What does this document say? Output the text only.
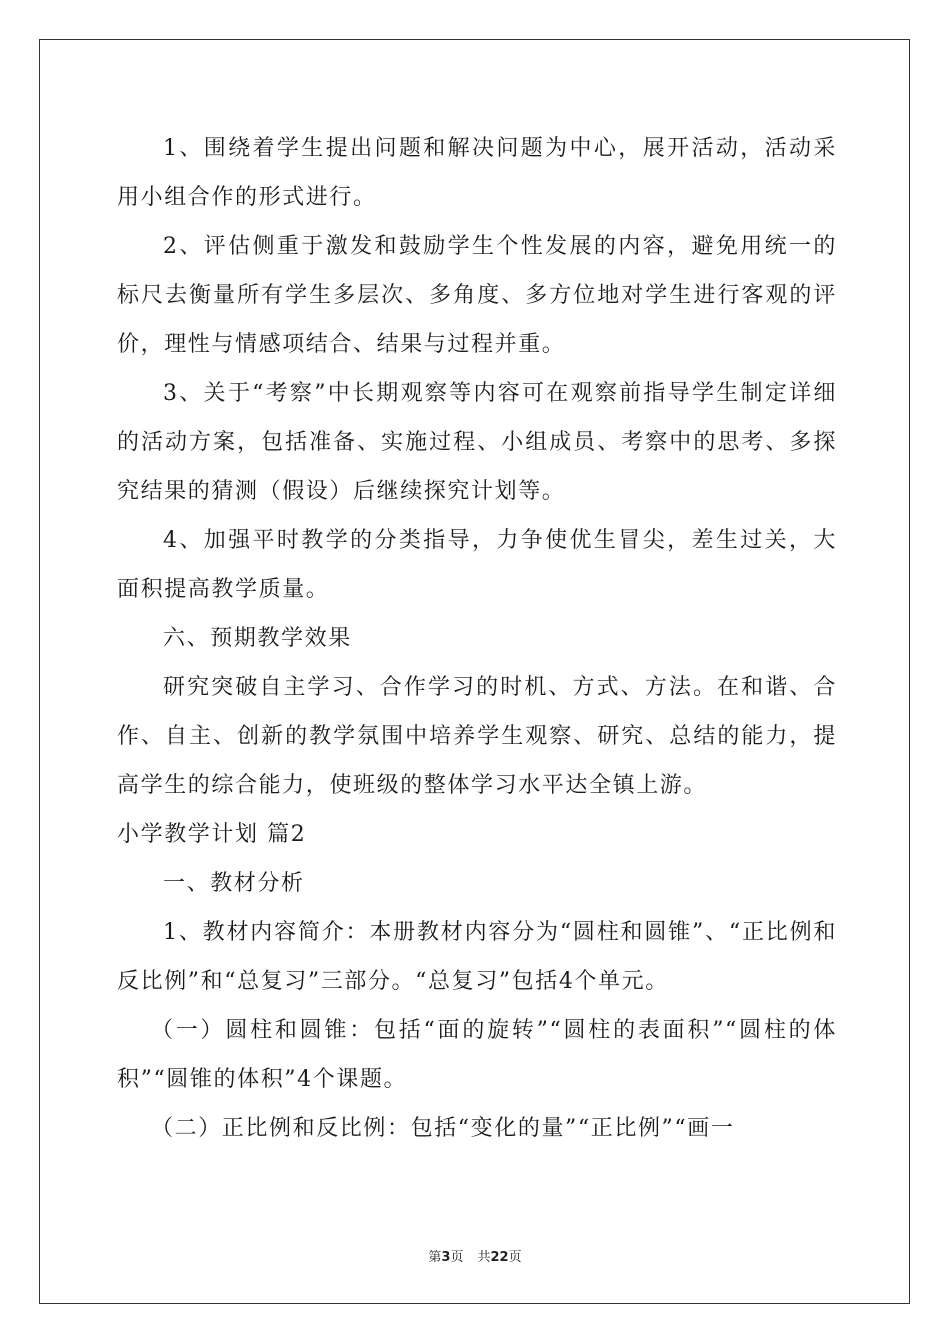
1、围绕着学生提出问题和解决问题为中心，展开活动，活动采用小组合作的形式进行。

2、评估侧重于激发和鼓励学生个性发展的内容，避免用统一的标尺去衡量所有学生多层次、多角度、多方位地对学生进行客观的评价，理性与情感项结合、结果与过程并重。

3、关于“考察”中长期观察等内容可在观察前指导学生制定详细的活动方案，包括准备、实施过程、小组成员、考察中的思考、多探究结果的猜测（假设）后继续探究计划等。

4、加强平时教学的分类指导，力争使优生冒尖，差生过关，大面积提高教学质量。

六、预期教学效果

研究突破自主学习、合作学习的时机、方式、方法。在和谐、合作、自主、创新的教学氛围中培养学生观察、研究、总结的能力，提高学生的综合能力，使班级的整体学习水平达全镇上游。

小学教学计划 篇2

一、教材分析

1、教材内容简介：本册教材内容分为“圆柱和圆锥”、“正比例和反比例”和“总复习”三部分。“总复习”包括4个单元。

（一）圆柱和圆锥：包括“面的旋转”“圆柱的表面积”“圆柱的体积”“圆锥的体积”4个课题。

（二）正比例和反比例：包括“变化的量”“正比例”“画一

第3页 共22页
